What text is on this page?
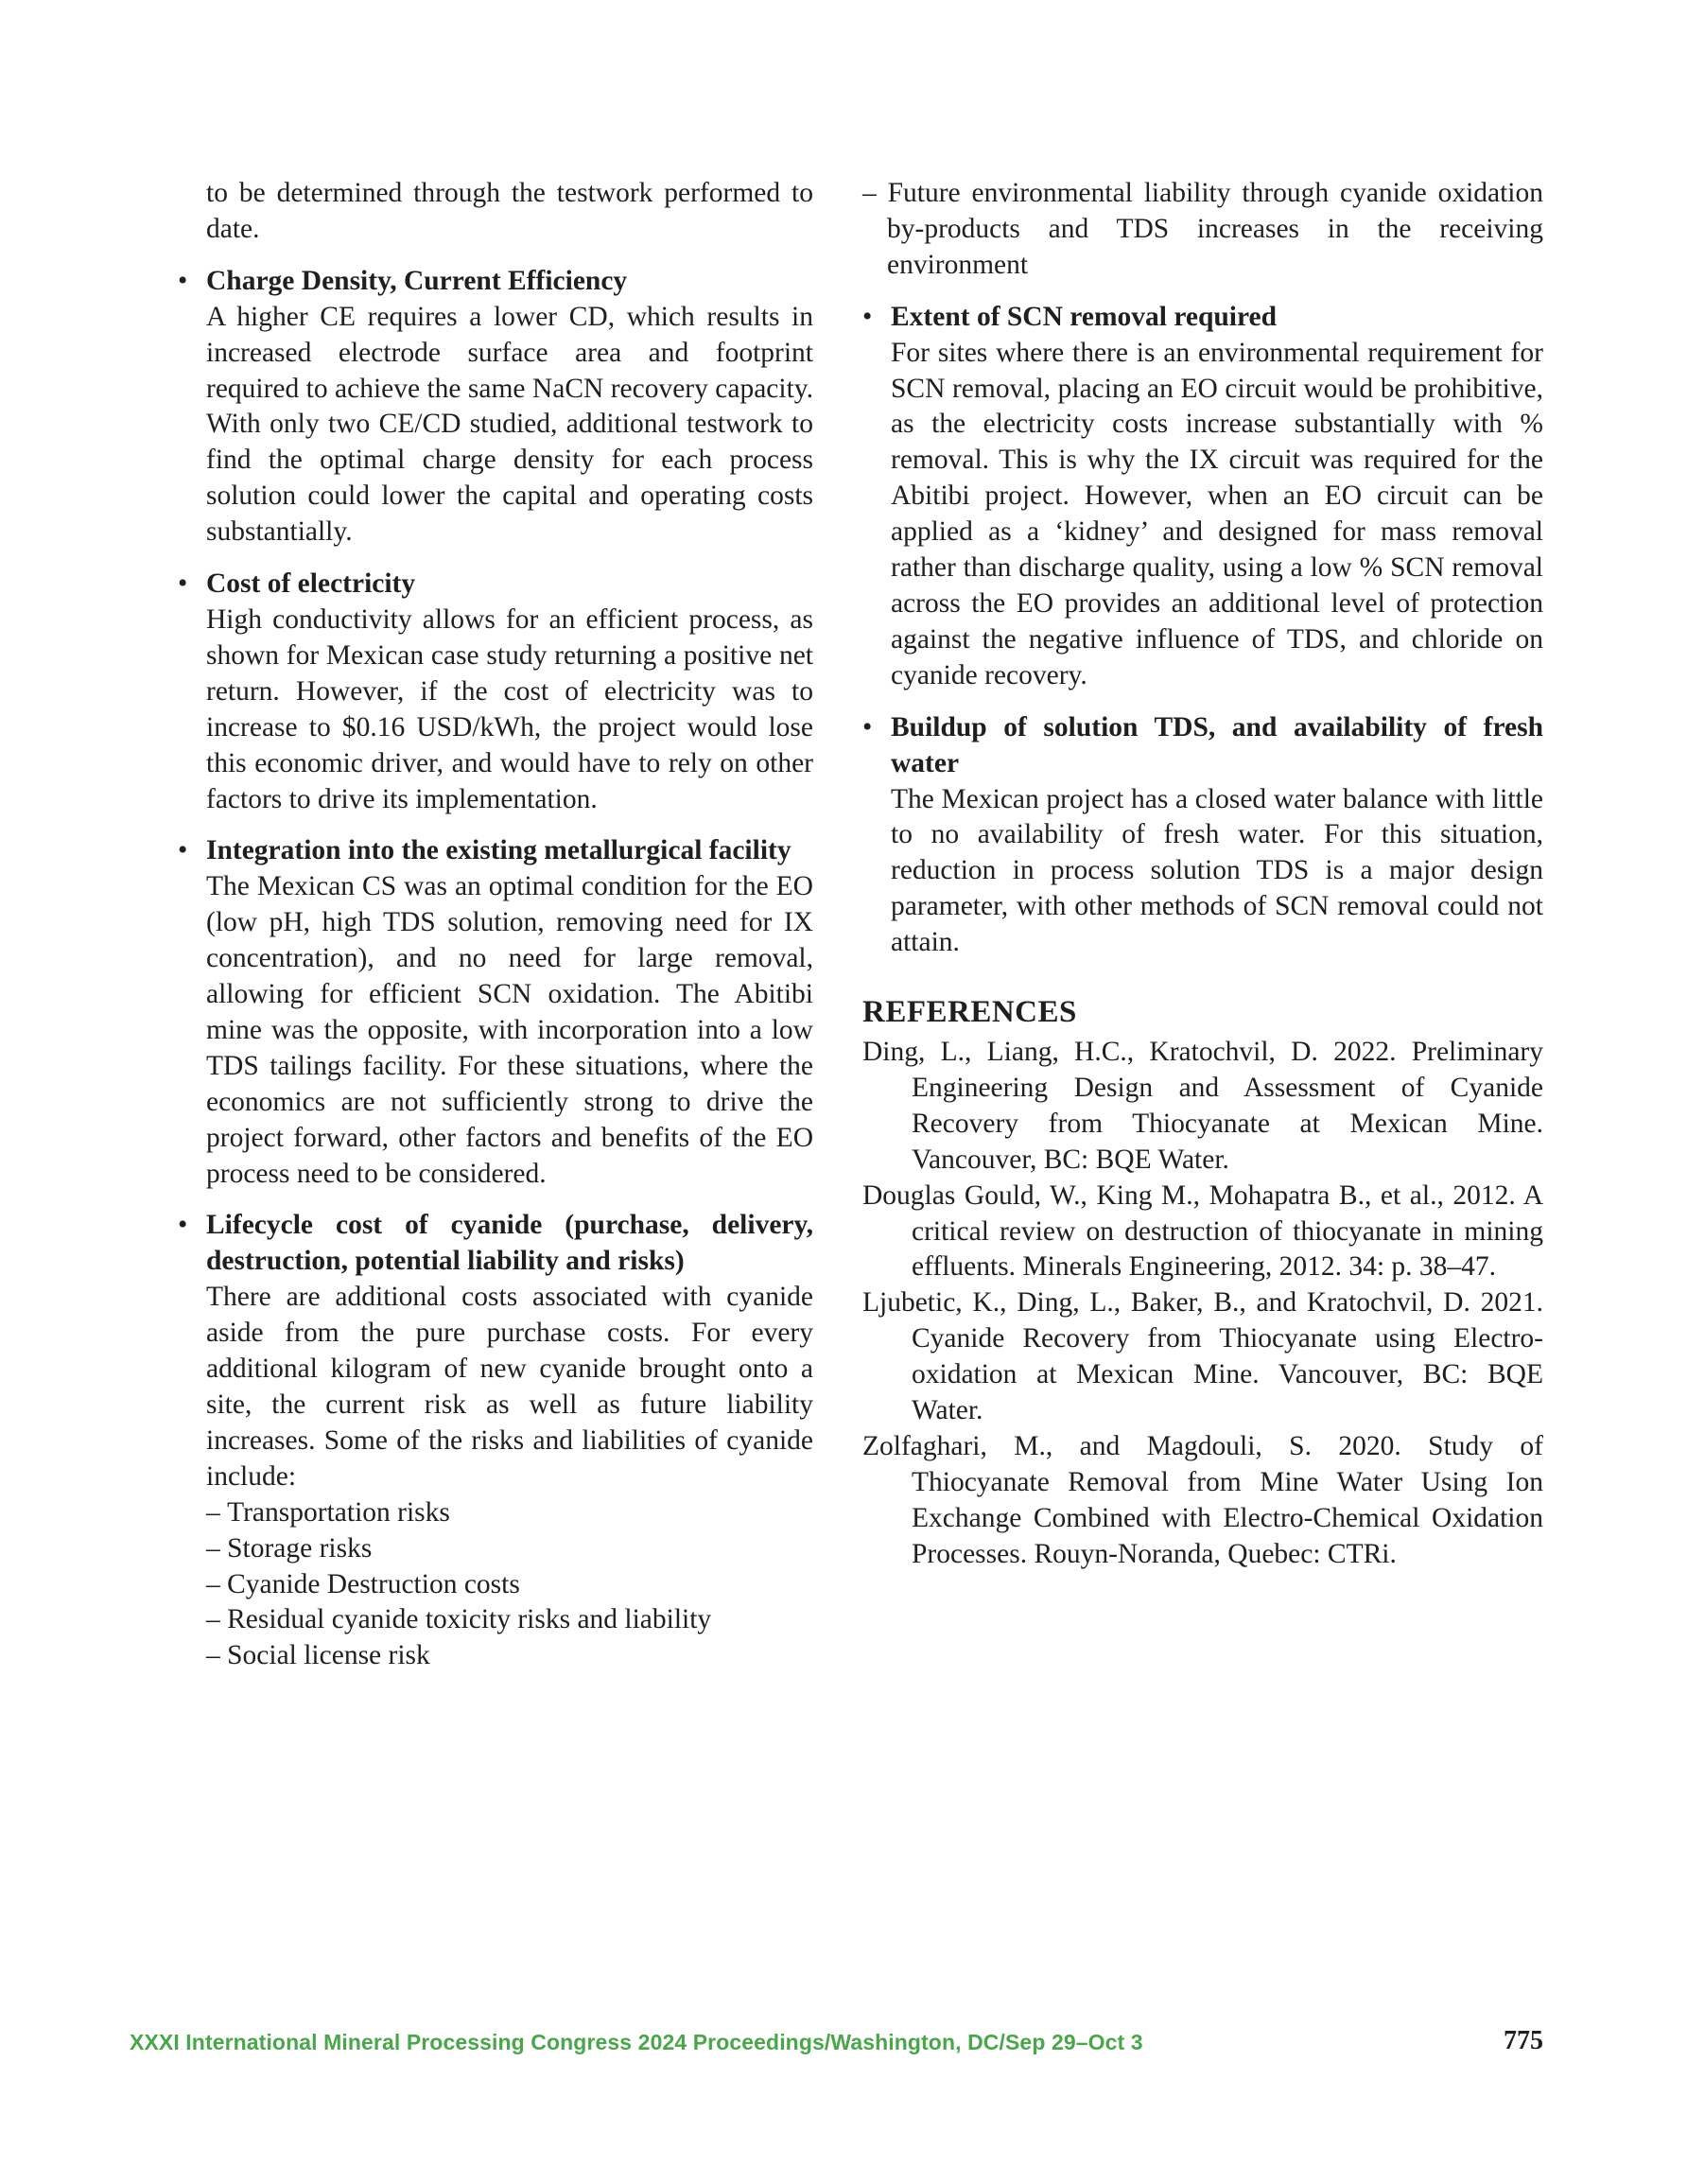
to be determined through the testwork performed to date.

• Charge Density, Current Efficiency
A higher CE requires a lower CD, which results in increased electrode surface area and footprint required to achieve the same NaCN recovery capacity. With only two CE/CD studied, additional testwork to find the optimal charge density for each process solution could lower the capital and operating costs substantially.
• Cost of electricity
High conductivity allows for an efficient process, as shown for Mexican case study returning a positive net return. However, if the cost of electricity was to increase to $0.16 USD/kWh, the project would lose this economic driver, and would have to rely on other factors to drive its implementation.
• Integration into the existing metallurgical facility
The Mexican CS was an optimal condition for the EO (low pH, high TDS solution, removing need for IX concentration), and no need for large removal, allowing for efficient SCN oxidation. The Abitibi mine was the opposite, with incorporation into a low TDS tailings facility. For these situations, where the economics are not sufficiently strong to drive the project forward, other factors and benefits of the EO process need to be considered.
• Lifecycle cost of cyanide (purchase, delivery, destruction, potential liability and risks)
There are additional costs associated with cyanide aside from the pure purchase costs. For every additional kilogram of new cyanide brought onto a site, the current risk as well as future liability increases. Some of the risks and liabilities of cyanide include:
– Transportation risks
– Storage risks
– Cyanide Destruction costs
– Residual cyanide toxicity risks and liability
– Social license risk
– Future environmental liability through cyanide oxidation by-products and TDS increases in the receiving environment
• Extent of SCN removal required
For sites where there is an environmental requirement for SCN removal, placing an EO circuit would be prohibitive, as the electricity costs increase substantially with % removal. This is why the IX circuit was required for the Abitibi project. However, when an EO circuit can be applied as a ‘kidney’ and designed for mass removal rather than discharge quality, using a low % SCN removal across the EO provides an additional level of protection against the negative influence of TDS, and chloride on cyanide recovery.
• Buildup of solution TDS, and availability of fresh water
The Mexican project has a closed water balance with little to no availability of fresh water. For this situation, reduction in process solution TDS is a major design parameter, with other methods of SCN removal could not attain.
REFERENCES

Ding, L., Liang, H.C., Kratochvil, D. 2022. Preliminary Engineering Design and Assessment of Cyanide Recovery from Thiocyanate at Mexican Mine. Vancouver, BC: BQE Water.

Douglas Gould, W., King M., Mohapatra B., et al., 2012. A critical review on destruction of thiocyanate in mining effluents. Minerals Engineering, 2012. 34: p. 38–47.

Ljubetic, K., Ding, L., Baker, B., and Kratochvil, D. 2021. Cyanide Recovery from Thiocyanate using Electro-oxidation at Mexican Mine. Vancouver, BC: BQE Water.

Zolfaghari, M., and Magdouli, S. 2020. Study of Thiocyanate Removal from Mine Water Using Ion Exchange Combined with Electro-Chemical Oxidation Processes. Rouyn-Noranda, Quebec: CTRi.

XXXI International Mineral Processing Congress 2024 Proceedings/Washington, DC/Sep 29–Oct 3	775
